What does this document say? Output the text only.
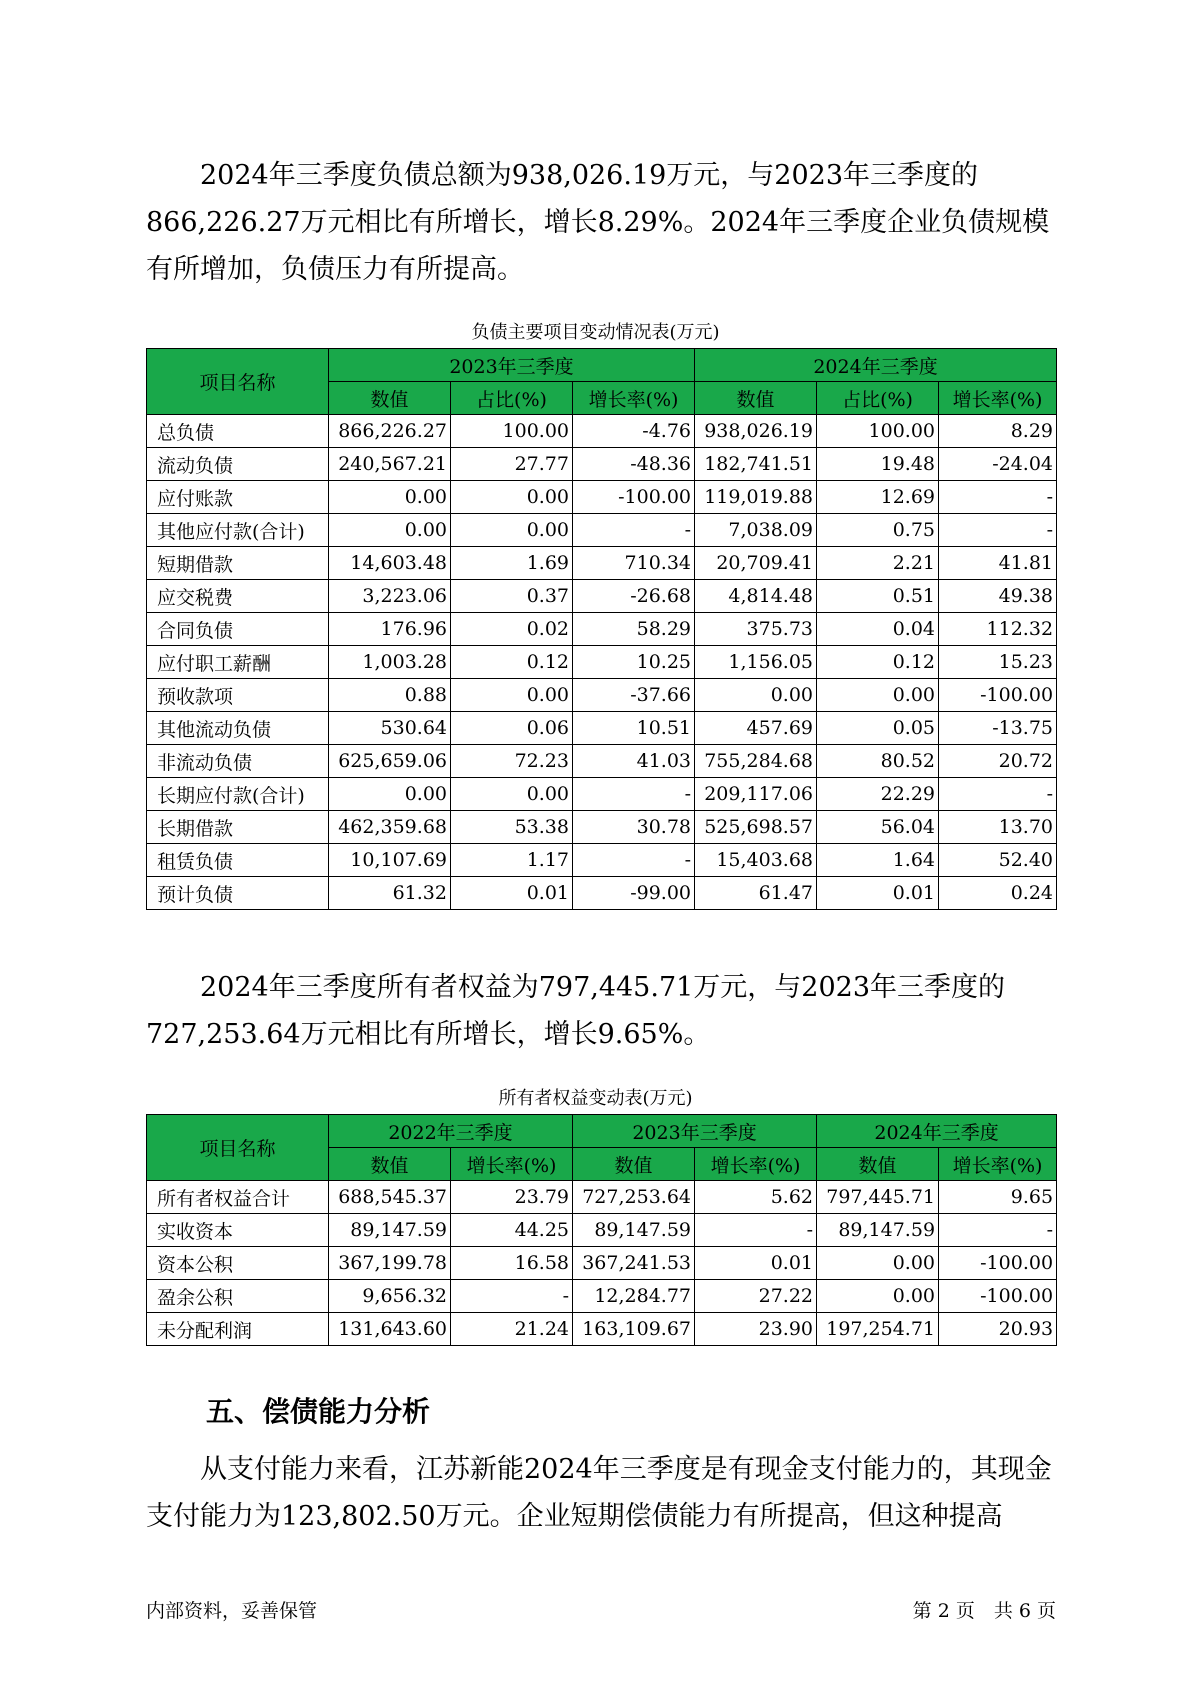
2024年三季度负债总额为938,026.19万元，与2023年三季度的866,226.27万元相比有所增长，增长8.29%。2024年三季度企业负债规模有所增加，负债压力有所提高。

负债主要项目变动情况表(万元)

项目名称	2023年三季度			2024年三季度		
	数值	占比(%)	增长率(%)	数值	占比(%)	增长率(%)
总负债	866,226.27	100.00	-4.76	938,026.19	100.00	8.29
流动负债	240,567.21	27.77	-48.36	182,741.51	19.48	-24.04
应付账款	0.00	0.00	-100.00	119,019.88	12.69	-
其他应付款(合计)	0.00	0.00	-	7,038.09	0.75	-
短期借款	14,603.48	1.69	710.34	20,709.41	2.21	41.81
应交税费	3,223.06	0.37	-26.68	4,814.48	0.51	49.38
合同负债	176.96	0.02	58.29	375.73	0.04	112.32
应付职工薪酬	1,003.28	0.12	10.25	1,156.05	0.12	15.23
预收款项	0.88	0.00	-37.66	0.00	0.00	-100.00
其他流动负债	530.64	0.06	10.51	457.69	0.05	-13.75
非流动负债	625,659.06	72.23	41.03	755,284.68	80.52	20.72
长期应付款(合计)	0.00	0.00	-	209,117.06	22.29	-
长期借款	462,359.68	53.38	30.78	525,698.57	56.04	13.70
租赁负债	10,107.69	1.17	-	15,403.68	1.64	52.40
预计负债	61.32	0.01	-99.00	61.47	0.01	0.24

2024年三季度所有者权益为797,445.71万元，与2023年三季度的727,253.64万元相比有所增长，增长9.65%。

所有者权益变动表(万元)

项目名称	2022年三季度		2023年三季度		2024年三季度	
	数值	增长率(%)	数值	增长率(%)	数值	增长率(%)
所有者权益合计	688,545.37	23.79	727,253.64	5.62	797,445.71	9.65
实收资本	89,147.59	44.25	89,147.59	-	89,147.59	-
资本公积	367,199.78	16.58	367,241.53	0.01	0.00	-100.00
盈余公积	9,656.32	-	12,284.77	27.22	0.00	-100.00
未分配利润	131,643.60	21.24	163,109.67	23.90	197,254.71	20.93
五、偿债能力分析

从支付能力来看，江苏新能2024年三季度是有现金支付能力的，其现金支付能力为123,802.50万元。企业短期偿债能力有所提高，但这种提高

内部资料，妥善保管	第 2 页　共 6 页
